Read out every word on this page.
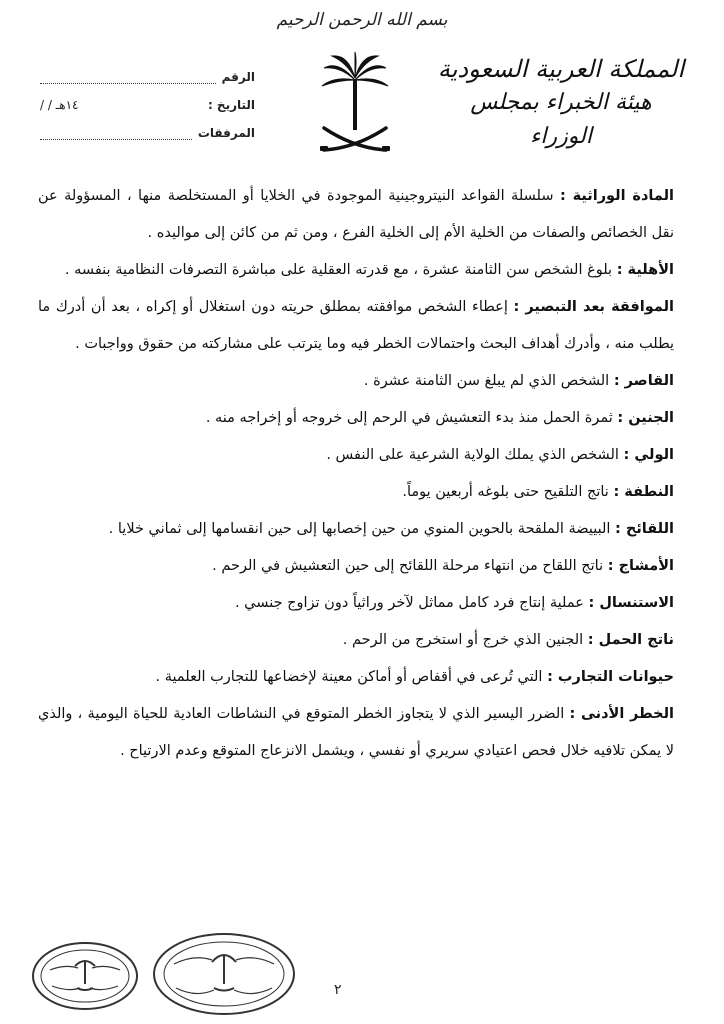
بسم الله الرحمن الرحيم
المملكة العربية السعودية
هيئة الخبراء بمجلس الوزراء
الرقم
التاريخ :
/ / ١٤هـ
المرفقات

المادة الوراثية : سلسلة القواعد النيتروجينية الموجودة في الخلايا أو المستخلصة منها ، المسؤولة عن نقل الخصائص والصفات من الخلية الأم إلى الخلية الفرع ، ومن ثم من كائن إلى مواليده .

الأهلية : بلوغ الشخص سن الثامنة عشرة ، مع قدرته العقلية على مباشرة التصرفات النظامية بنفسه .

الموافقة بعد التبصير : إعطاء الشخص موافقته بمطلق حريته دون استغلال أو إكراه ، بعد أن أدرك ما يطلب منه ، وأدرك أهداف البحث واحتمالات الخطر فيه وما يترتب على مشاركته من حقوق وواجبات .

القاصر : الشخص الذي لم يبلغ سن الثامنة عشرة .

الجنين : ثمرة الحمل منذ بدء التعشيش في الرحم إلى خروجه أو إخراجه منه .

الولي : الشخص الذي يملك الولاية الشرعية على النفس .

النطفة : ناتج التلقيح حتى بلوغه أربعين يوماً.

اللقائح : البييضة الملقحة بالحوين المنوي من حين إخصابها إلى حين انقسامها إلى ثماني خلايا .

الأمشاج : ناتج اللقاح من انتهاء مرحلة اللقائح إلى حين التعشيش في الرحم .

الاستنسال : عملية إنتاج فرد كامل مماثل لآخر وراثياً دون تزاوج جنسي .

ناتج الحمل : الجنين الذي خرج أو استخرج من الرحم .

حيوانات التجارب : التي تُرعى في أقفاص أو أماكن معينة لإخضاعها للتجارب العلمية .

الخطر الأدنى : الضرر اليسير الذي لا يتجاوز الخطر المتوقع في النشاطات العادية للحياة اليومية ، والذي لا يمكن تلافيه خلال فحص اعتيادي سريري أو نفسي ، ويشمل الانزعاج المتوقع وعدم الارتياح .

٢
